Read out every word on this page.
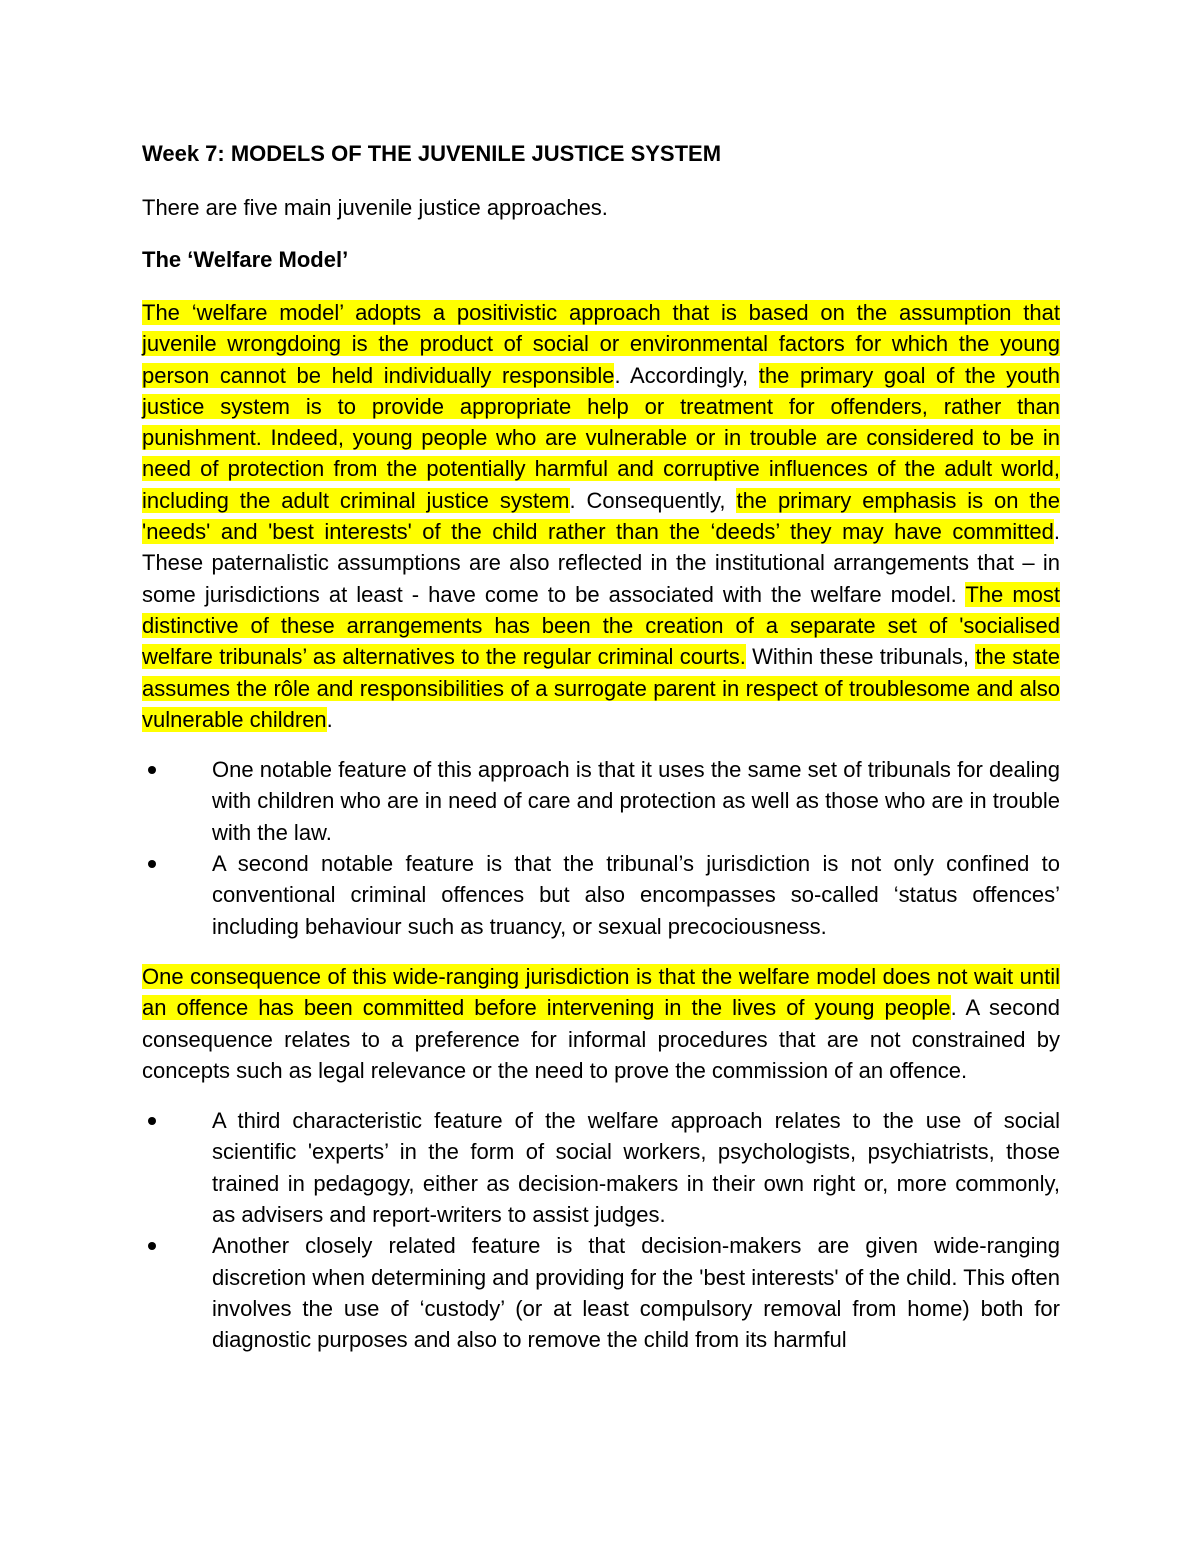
Week 7: MODELS OF THE JUVENILE JUSTICE SYSTEM
There are five main juvenile justice approaches.
The ‘Welfare Model’

The ‘welfare model’ adopts a positivistic approach that is based on the assumption that juvenile wrongdoing is the product of social or environmental factors for which the young person cannot be held individually responsible. Accordingly, the primary goal of the youth justice system is to provide appropriate help or treatment for offenders, rather than punishment. Indeed, young people who are vulnerable or in trouble are considered to be in need of protection from the potentially harmful and corruptive influences of the adult world, including the adult criminal justice system. Consequently, the primary emphasis is on the 'needs' and 'best interests' of the child rather than the ‘deeds’ they may have committed. These paternalistic assumptions are also reflected in the institutional arrangements that – in some jurisdictions at least - have come to be associated with the welfare model. The most distinctive of these arrangements has been the creation of a separate set of 'socialised welfare tribunals’ as alternatives to the regular criminal courts. Within these tribunals, the state assumes the rôle and responsibilities of a surrogate parent in respect of troublesome and also vulnerable children.

One notable feature of this approach is that it uses the same set of tribunals for dealing with children who are in need of care and protection as well as those who are in trouble with the law.
A second notable feature is that the tribunal’s jurisdiction is not only confined to conventional criminal offences but also encompasses so-called ‘status offences’ including behaviour such as truancy, or sexual precociousness.

One consequence of this wide-ranging jurisdiction is that the welfare model does not wait until an offence has been committed before intervening in the lives of young people. A second consequence relates to a preference for informal procedures that are not constrained by concepts such as legal relevance or the need to prove the commission of an offence.

A third characteristic feature of the welfare approach relates to the use of social scientific 'experts’ in the form of social workers, psychologists, psychiatrists, those trained in pedagogy, either as decision-makers in their own right or, more commonly, as advisers and report-writers to assist judges.
Another closely related feature is that decision-makers are given wide-ranging discretion when determining and providing for the 'best interests' of the child. This often involves the use of ‘custody’ (or at least compulsory removal from home) both for diagnostic purposes and also to remove the child from its harmful
